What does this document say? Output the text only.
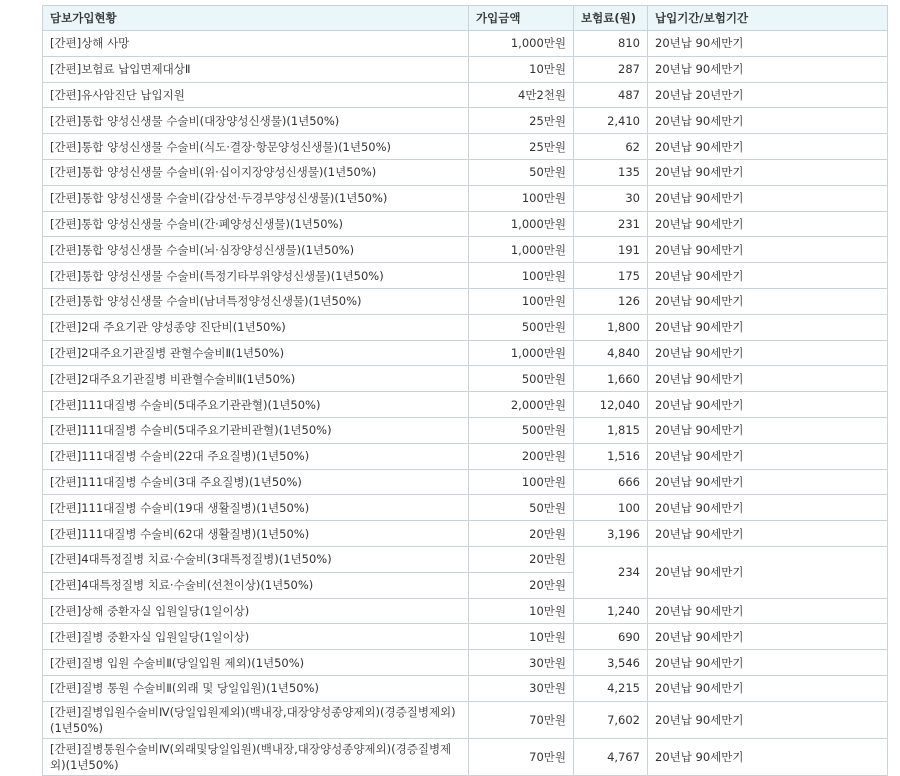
담보가입현황	가입금액	보험료(원)	납입기간/보험기간
[간편]상해 사망	1,000만원	810	20년납 90세만기
[간편]보험료 납입면제대상Ⅱ	10만원	287	20년납 90세만기
[간편]유사암진단 납입지원	4만2천원	487	20년납 20년만기
[간편]통합 양성신생물 수술비(대장양성신생물)(1년50%)	25만원	2,410	20년납 90세만기
[간편]통합 양성신생물 수술비(식도·결장·항문양성신생물)(1년50%)	25만원	62	20년납 90세만기
[간편]통합 양성신생물 수술비(위·십이지장양성신생물)(1년50%)	50만원	135	20년납 90세만기
[간편]통합 양성신생물 수술비(갑상선·두경부양성신생물)(1년50%)	100만원	30	20년납 90세만기
[간편]통합 양성신생물 수술비(간·폐양성신생물)(1년50%)	1,000만원	231	20년납 90세만기
[간편]통합 양성신생물 수술비(뇌·심장양성신생물)(1년50%)	1,000만원	191	20년납 90세만기
[간편]통합 양성신생물 수술비(특정기타부위양성신생물)(1년50%)	100만원	175	20년납 90세만기
[간편]통합 양성신생물 수술비(남녀특정양성신생물)(1년50%)	100만원	126	20년납 90세만기
[간편]2대 주요기관 양성종양 진단비(1년50%)	500만원	1,800	20년납 90세만기
[간편]2대주요기관질병 관혈수술비Ⅱ(1년50%)	1,000만원	4,840	20년납 90세만기
[간편]2대주요기관질병 비관혈수술비Ⅱ(1년50%)	500만원	1,660	20년납 90세만기
[간편]111대질병 수술비(5대주요기관관혈)(1년50%)	2,000만원	12,040	20년납 90세만기
[간편]111대질병 수술비(5대주요기관비관혈)(1년50%)	500만원	1,815	20년납 90세만기
[간편]111대질병 수술비(22대 주요질병)(1년50%)	200만원	1,516	20년납 90세만기
[간편]111대질병 수술비(3대 주요질병)(1년50%)	100만원	666	20년납 90세만기
[간편]111대질병 수술비(19대 생활질병)(1년50%)	50만원	100	20년납 90세만기
[간편]111대질병 수술비(62대 생활질병)(1년50%)	20만원	3,196	20년납 90세만기
[간편]4대특정질병 치료·수술비(3대특정질병)(1년50%)	20만원	234	20년납 90세만기
[간편]4대특정질병 치료·수술비(선천이상)(1년50%)	20만원		
[간편]상해 중환자실 입원일당(1일이상)	10만원	1,240	20년납 90세만기
[간편]질병 중환자실 입원일당(1일이상)	10만원	690	20년납 90세만기
[간편]질병 입원 수술비Ⅱ(당일입원 제외)(1년50%)	30만원	3,546	20년납 90세만기
[간편]질병 통원 수술비Ⅱ(외래 및 당일입원)(1년50%)	30만원	4,215	20년납 90세만기
[간편]질병입원수술비Ⅳ(당일입원제외)(백내장,대장양성종양제외)(경증질병제외)(1년50%)	70만원	7,602	20년납 90세만기
[간편]질병통원수술비Ⅳ(외래및당일입원)(백내장,대장양성종양제외)(경증질병제외)(1년50%)	70만원	4,767	20년납 90세만기
